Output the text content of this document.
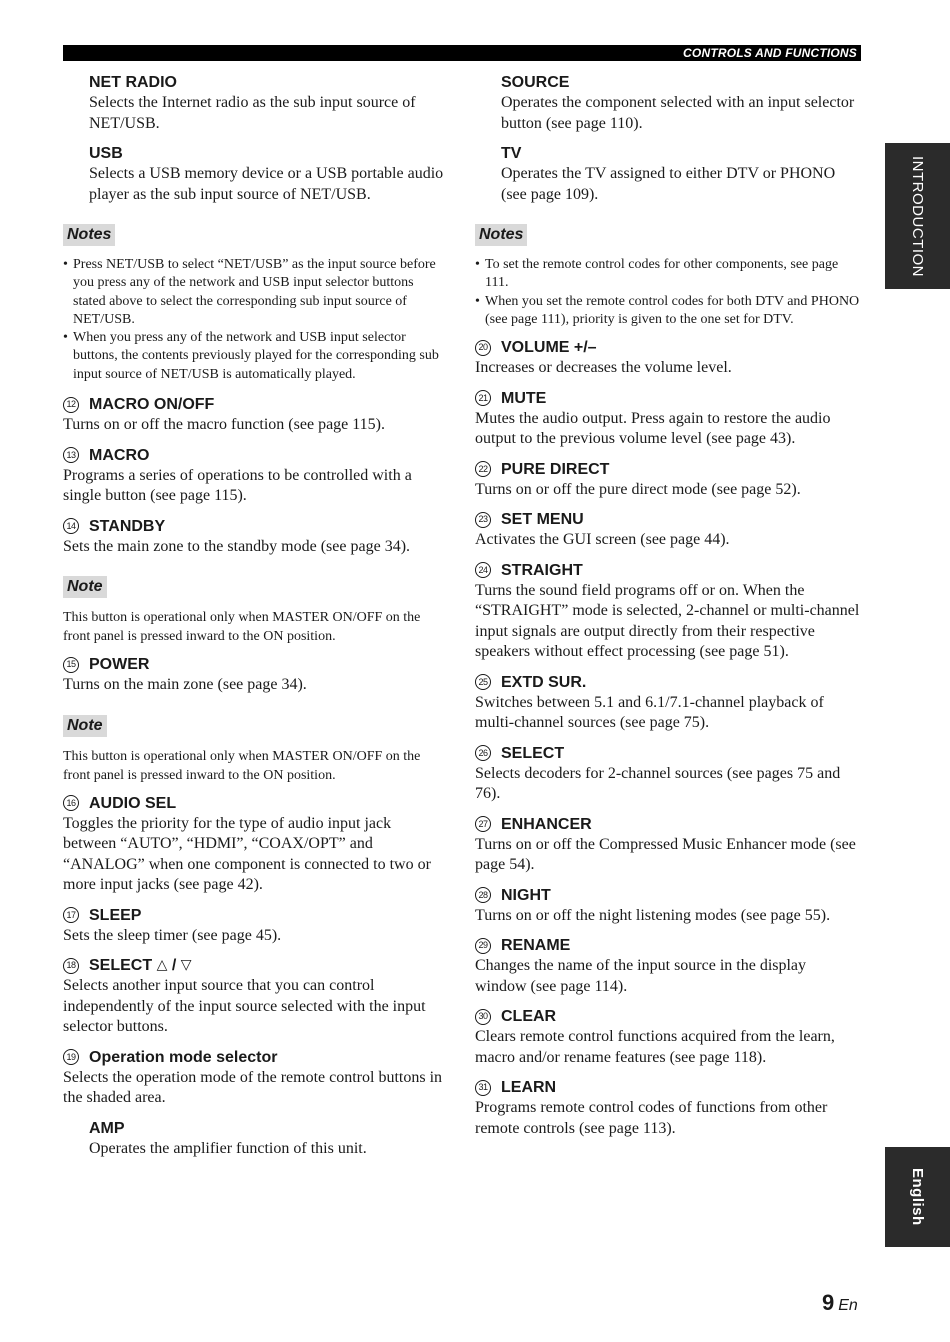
CONTROLS AND FUNCTIONS
INTRODUCTION
English

NET RADIO

Selects the Internet radio as the sub input source of NET/USB.

USB

Selects a USB memory device or a USB portable audio player as the sub input source of NET/USB.

Notes
• Press NET/USB to select “NET/USB” as the input source before you press any of the network and USB input selector buttons stated above to select the corresponding sub input source of NET/USB.
• When you press any of the network and USB input selector buttons, the contents previously played for the corresponding sub input source of NET/USB is automatically played.

12 MACRO ON/OFF

Turns on or off the macro function (see page 115).

13 MACRO

Programs a series of operations to be controlled with a single button (see page 115).

14 STANDBY

Sets the main zone to the standby mode (see page 34).

Note

This button is operational only when MASTER ON/OFF on the front panel is pressed inward to the ON position.

15 POWER

Turns on the main zone (see page 34).

Note

This button is operational only when MASTER ON/OFF on the front panel is pressed inward to the ON position.

16 AUDIO SEL

Toggles the priority for the type of audio input jack between “AUTO”, “HDMI”, “COAX/OPT” and “ANALOG” when one component is connected to two or more input jacks (see page 42).

17 SLEEP

Sets the sleep timer (see page 45).

18 SELECT
△
/
▽

Selects another input source that you can control independently of the input source selected with the input selector buttons.

19 Operation mode selector

Selects the operation mode of the remote control buttons in the shaded area.

AMP

Operates the amplifier function of this unit.

SOURCE

Operates the component selected with an input selector button (see page 110).

TV

Operates the TV assigned to either DTV or PHONO (see page 109).

Notes
• To set the remote control codes for other components, see page 111.
• When you set the remote control codes for both DTV and PHONO (see page 111), priority is given to the one set for DTV.

20 VOLUME +/–

Increases or decreases the volume level.

21 MUTE

Mutes the audio output. Press again to restore the audio output to the previous volume level (see page 43).

22 PURE DIRECT

Turns on or off the pure direct mode (see page 52).

23 SET MENU

Activates the GUI screen (see page 44).

24 STRAIGHT

Turns the sound field programs off or on. When the “STRAIGHT” mode is selected, 2-channel or multi-channel input signals are output directly from their respective speakers without effect processing (see page 51).

25 EXTD SUR.

Switches between 5.1 and 6.1/7.1-channel playback of multi-channel sources (see page 75).

26 SELECT

Selects decoders for 2-channel sources (see pages 75 and 76).

27 ENHANCER

Turns on or off the Compressed Music Enhancer mode (see page 54).

28 NIGHT

Turns on or off the night listening modes (see page 55).

29 RENAME

Changes the name of the input source in the display window (see page 114).

30 CLEAR

Clears remote control functions acquired from the learn, macro and/or rename features (see page 118).

31 LEARN

Programs remote control codes of functions from other remote controls (see page 113).

9 En
